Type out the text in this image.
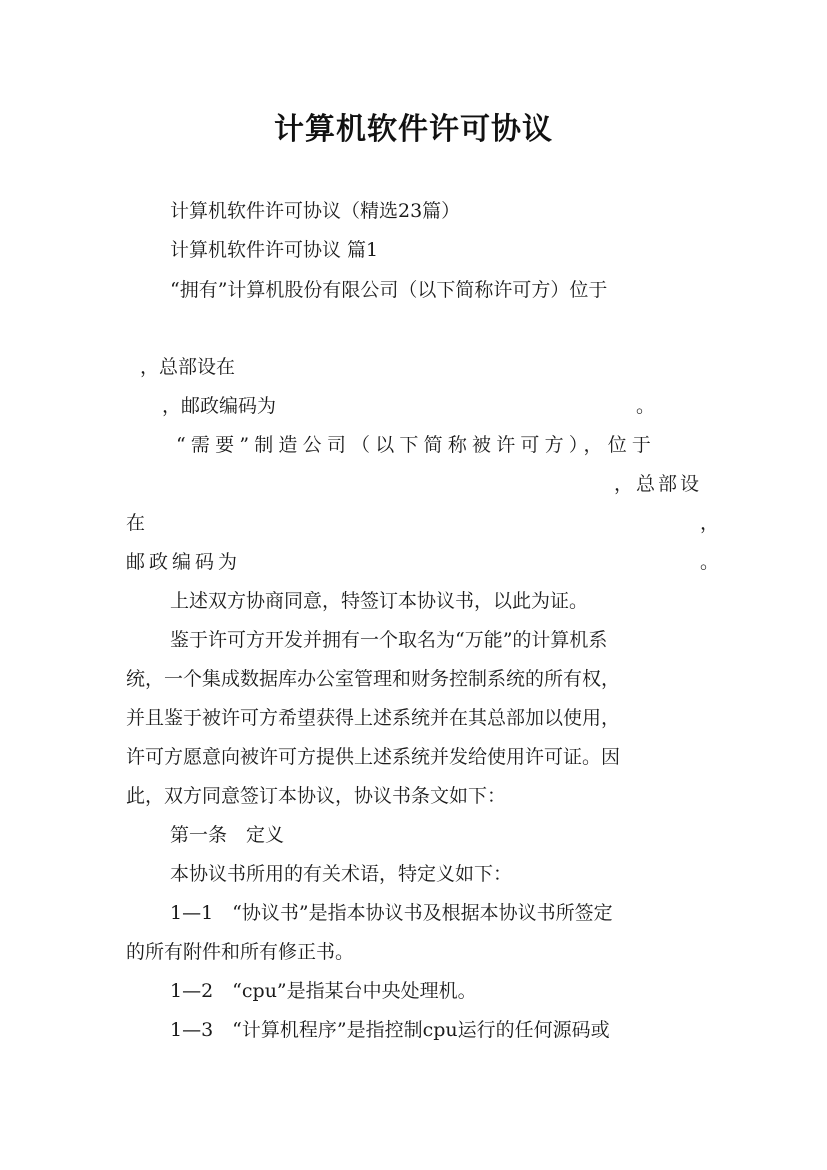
计算机软件许可协议
计算机软件许可协议（精选23篇）
计算机软件许可协议 篇1
“拥有”计算机股份有限公司（以下简称许可方）位于
，总部设在
，邮政编码为	。
“需要”制造公司（以下简称被许可方），位于
，总部设
在	，
邮政编码为	。
上述双方协商同意，特签订本协议书，以此为证。
鉴于许可方开发并拥有一个取名为“万能”的计算机系
统，一个集成数据库办公室管理和财务控制系统的所有权，
并且鉴于被许可方希望获得上述系统并在其总部加以使用，
许可方愿意向被许可方提供上述系统并发给使用许可证。因
此，双方同意签订本协议，协议书条文如下：
第一条　定义
本协议书所用的有关术语，特定义如下：
1—1　“协议书”是指本协议书及根据本协议书所签定
的所有附件和所有修正书。
1—2　“cpu”是指某台中央处理机。
1—3　“计算机程序”是指控制cpu运行的任何源码或
